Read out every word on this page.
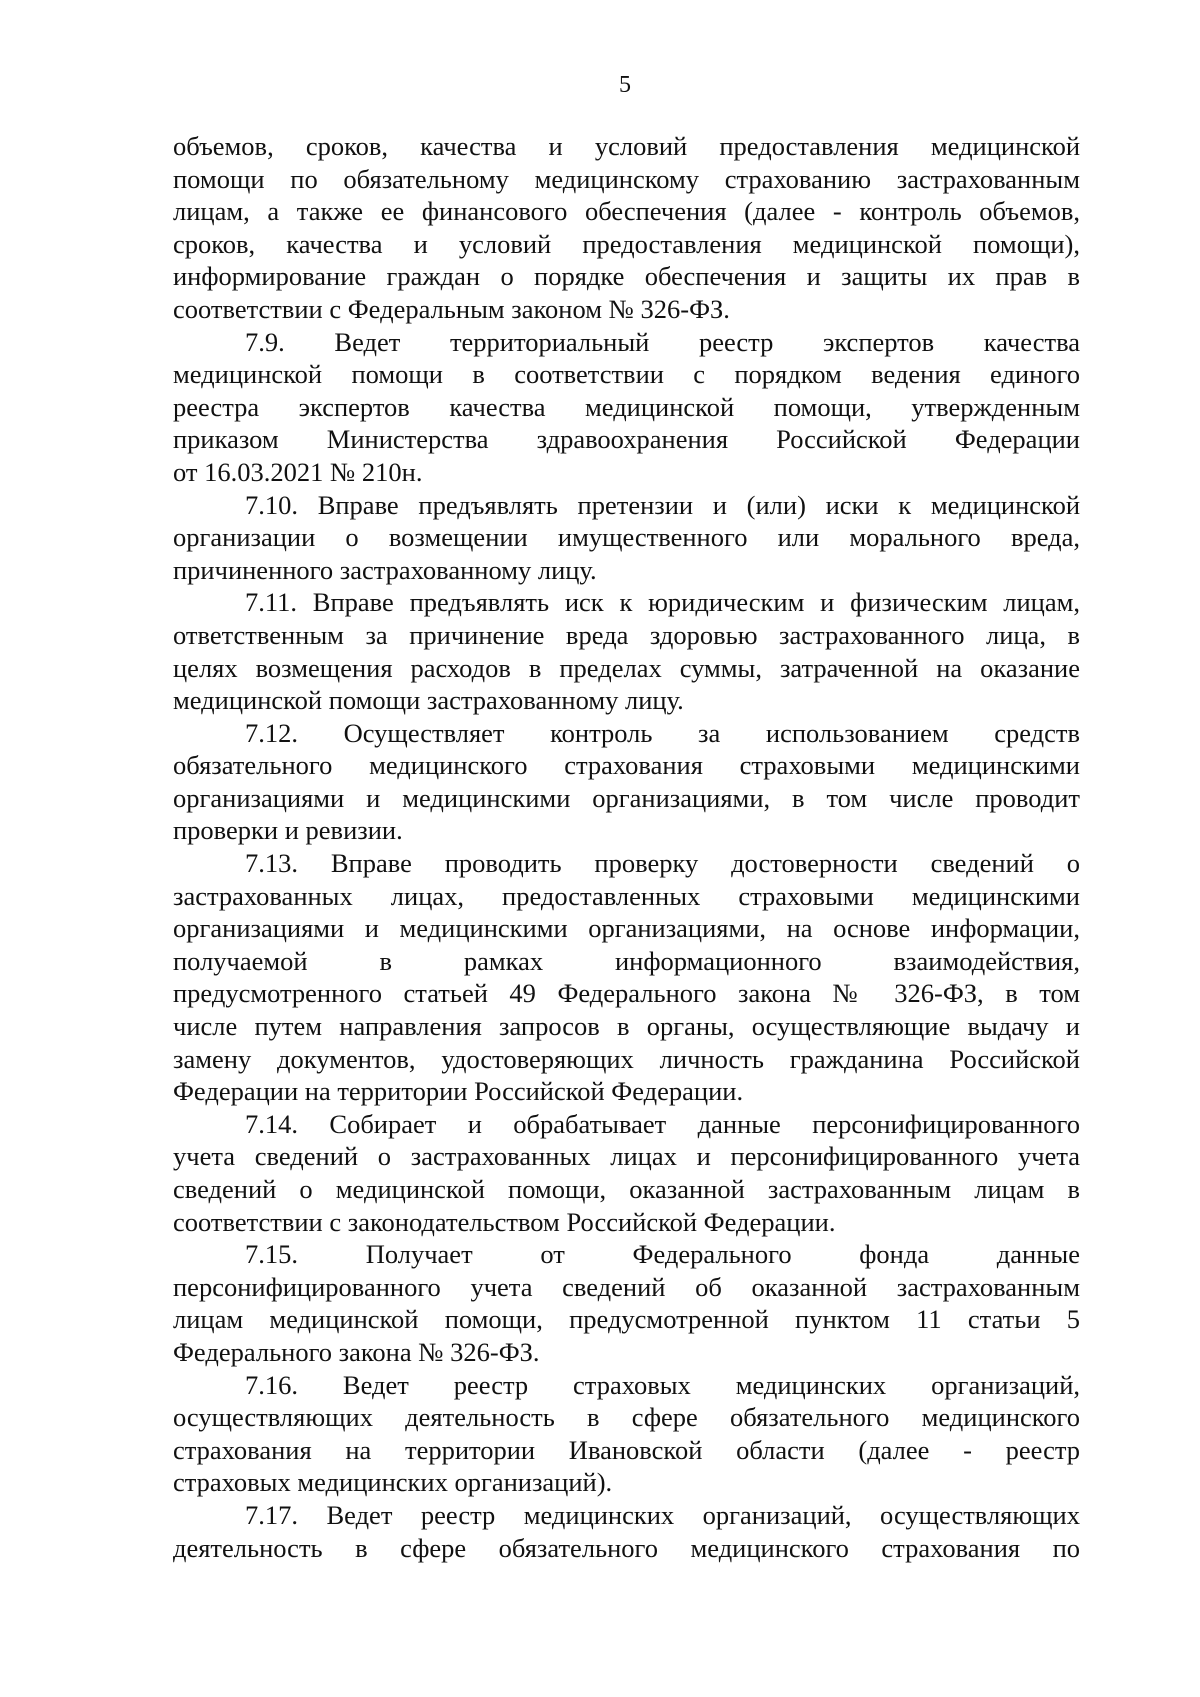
5
объемов, сроков, качества и условий предоставления медицинской
помощи по обязательному медицинскому страхованию застрахованным
лицам, а также ее финансового обеспечения (далее - контроль объемов,
сроков, качества и условий предоставления медицинской помощи),
информирование граждан о порядке обеспечения и защиты их прав в
соответствии с Федеральным законом № 326-ФЗ.
7.9. Ведет территориальный реестр экспертов качества
медицинской помощи в соответствии с порядком ведения единого
реестра экспертов качества медицинской помощи, утвержденным
приказом Министерства здравоохранения Российской Федерации
от 16.03.2021 № 210н.
7.10. Вправе предъявлять претензии и (или) иски к медицинской
организации о возмещении имущественного или морального вреда,
причиненного застрахованному лицу.
7.11. Вправе предъявлять иск к юридическим и физическим лицам,
ответственным за причинение вреда здоровью застрахованного лица, в
целях возмещения расходов в пределах суммы, затраченной на оказание
медицинской помощи застрахованному лицу.
7.12. Осуществляет контроль за использованием средств
обязательного медицинского страхования страховыми медицинскими
организациями и медицинскими организациями, в том числе проводит
проверки и ревизии.
7.13. Вправе проводить проверку достоверности сведений о
застрахованных лицах, предоставленных страховыми медицинскими
организациями и медицинскими организациями, на основе информации,
получаемой в рамках информационного взаимодействия,
предусмотренного статьей 49 Федерального закона № 326-ФЗ, в том
числе путем направления запросов в органы, осуществляющие выдачу и
замену документов, удостоверяющих личность гражданина Российской
Федерации на территории Российской Федерации.
7.14. Собирает и обрабатывает данные персонифицированного
учета сведений о застрахованных лицах и персонифицированного учета
сведений о медицинской помощи, оказанной застрахованным лицам в
соответствии с законодательством Российской Федерации.
7.15. Получает от Федерального фонда данные
персонифицированного учета сведений об оказанной застрахованным
лицам медицинской помощи, предусмотренной пунктом 11 статьи 5
Федерального закона № 326-ФЗ.
7.16. Ведет реестр страховых медицинских организаций,
осуществляющих деятельность в сфере обязательного медицинского
страхования на территории Ивановской области (далее - реестр
страховых медицинских организаций).
7.17. Ведет реестр медицинских организаций, осуществляющих
деятельность в сфере обязательного медицинского страхования по
